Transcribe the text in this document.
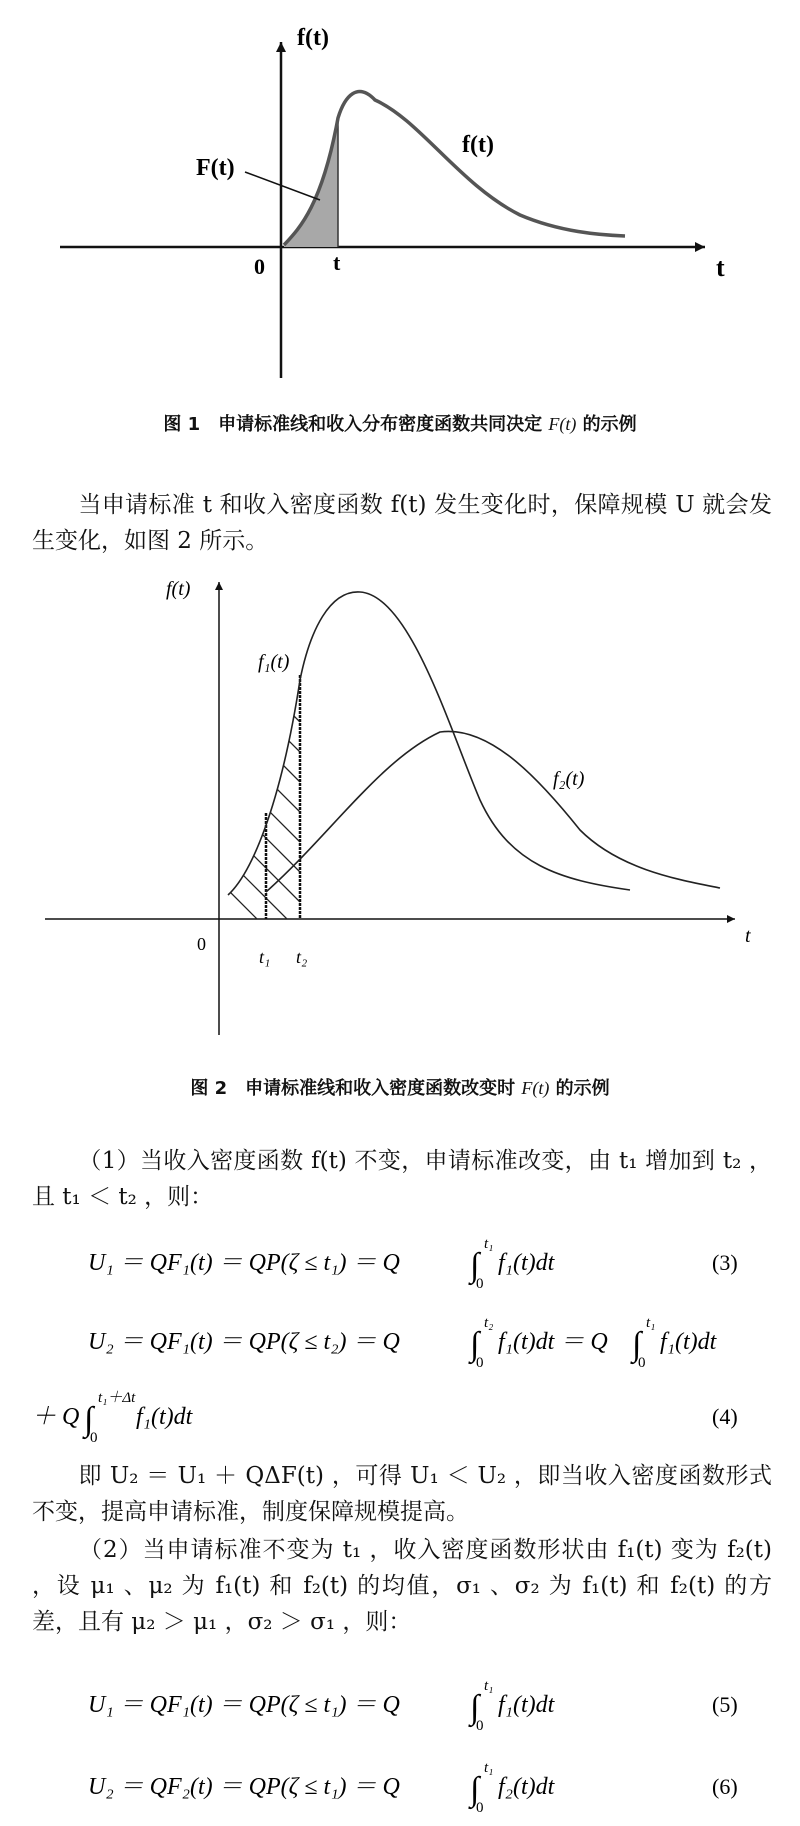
f(t)
F(t)
f(t)
0	t	t
图 1　申请标准线和收入分布密度函数共同决定 F(t) 的示例
当申请标准 t 和收入密度函数 f(t) 发生变化时，保障规模 U 就会发生变化，如图 2 所示。
f(t)
f₁(t)
f₂(t)
0
t₁ t₂
t
图 2　申请标准线和收入密度函数改变时 F(t) 的示例
（1）当收入密度函数 f(t) 不变，申请标准改变，由 t₁ 增加到 t₂ ，且 t₁ ＜ t₂ ，则：
U₁ ＝ QF₁(t) ＝ QP(ζ ≤ t₁) ＝ Q ∫
t₁
0
f₁(t)dt	(3)
U₂ ＝ QF₁(t) ＝ QP(ζ ≤ t₂) ＝ Q ∫
t₂
0
f₁(t)dt ＝ Q ∫
t₁
0
f₁(t)dt
＋ Q ∫
t₁＋Δt
0
f₁(t)dt	(4)
即 U₂ ＝ U₁ ＋ QΔF(t) ，可得 U₁ ＜ U₂ ，即当收入密度函数形式不变，提高申请标准，制度保障规模提高。
（2）当申请标准不变为 t₁ ，收入密度函数形状由 f₁(t) 变为 f₂(t) ，设 μ₁ 、μ₂ 为 f₁(t) 和 f₂(t) 的均值，σ₁ 、σ₂ 为 f₁(t) 和 f₂(t) 的方差，且有 μ₂ ＞ μ₁ ，σ₂ ＞ σ₁ ，则：
U₁ ＝ QF₁(t) ＝ QP(ζ ≤ t₁) ＝ Q ∫
t₁
0
f₁(t)dt	(5)
U₂ ＝ QF₂(t) ＝ QP(ζ ≤ t₁) ＝ Q ∫
t₁
0
f₂(t)dt	(6)
